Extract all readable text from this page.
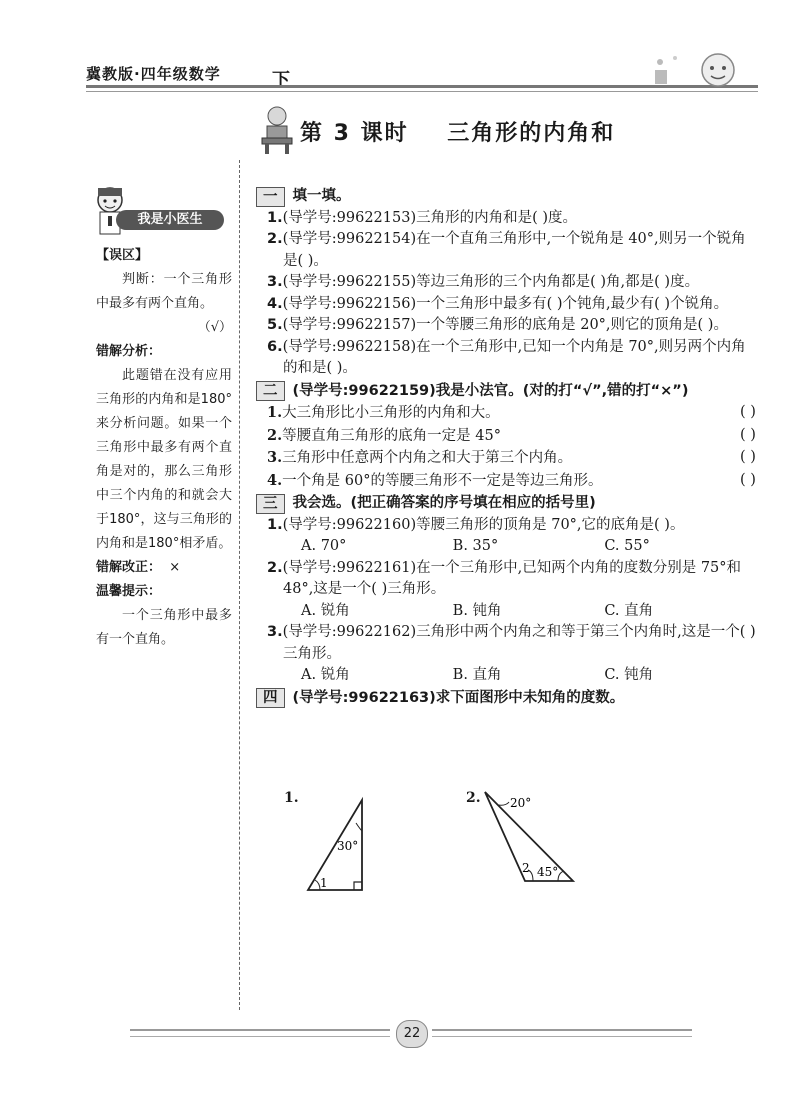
冀教版·四年级数学	下
第 3 课时    三角形的内角和
我是小医生

【误区】

判断：一个三角形中最多有两个直角。

（√）

错解分析：

此题错在没有应用三角形的内角和是180°来分析问题。如果一个三角形中最多有两个直角是对的，那么三角形中三个内角的和就会大于180°，这与三角形的内角和是180°相矛盾。

错解改正： ×

温馨提示：

一个三角形中最多有一个直角。

一	填一填。

1.(导学号:99622153)三角形的内角和是( )度。

2.(导学号:99622154)在一个直角三角形中,一个锐角是 40°,则另一个锐角是( )。

3.(导学号:99622155)等边三角形的三个内角都是( )角,都是( )度。

4.(导学号:99622156)一个三角形中最多有( )个钝角,最少有( )个锐角。

5.(导学号:99622157)一个等腰三角形的底角是 20°,则它的顶角是( )。

6.(导学号:99622158)在一个三角形中,已知一个内角是 70°,则另两个内角的和是( )。

二	(导学号:99622159)我是小法官。(对的打“√”,错的打“×”)

1.大三角形比小三角形的内角和大。	( )
2.等腰直角三角形的底角一定是 45°	( )
3.三角形中任意两个内角之和大于第三个内角。	( )
4.一个角是 60°的等腰三角形不一定是等边三角形。	( )

三	我会选。(把正确答案的序号填在相应的括号里)

1.(导学号:99622160)等腰三角形的顶角是 70°,它的底角是( )。

A. 70°	B. 35°	C. 55°

2.(导学号:99622161)在一个三角形中,已知两个内角的度数分别是 75°和 48°,这是一个( )三角形。

A. 锐角	B. 钝角	C. 直角

3.(导学号:99622162)三角形中两个内角之和等于第三个内角时,这是一个( )三角形。

A. 锐角	B. 直角	C. 钝角

四	(导学号:99622163)求下面图形中未知角的度数。

1.
30°
1
2. 20°
2 45°
22
